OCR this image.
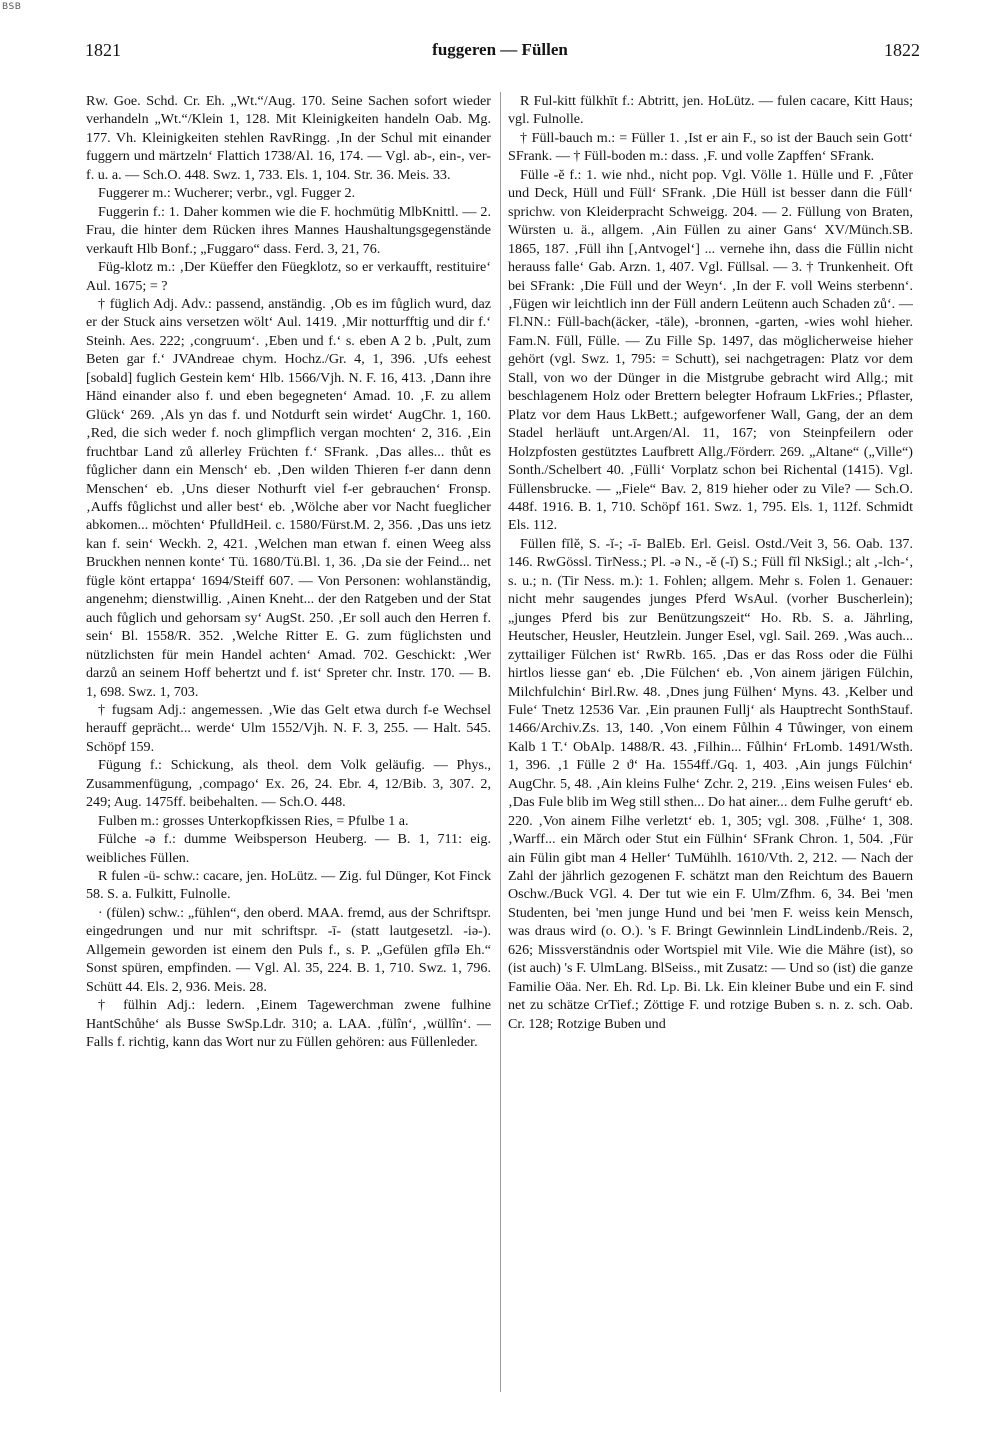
BSB
1821	fuggeren — Füllen	1822

Rw. Goe. Schd. Cr. Eh. „Wt.“/Aug. 170. Seine Sachen sofort wieder verhandeln „Wt.“/Klein 1, 128. Mit Kleinigkeiten handeln Oab. Mg. 177. Vh. Kleinigkeiten stehlen RavRingg. ‚In der Schul mit einander fuggern und märtzeln‘ Flattich 1738/Al. 16, 174. — Vgl. ab-, ein-, ver-f. u. a. — Sch.O. 448. Swz. 1, 733. Els. 1, 104. Str. 36. Meis. 33.

Fuggerer m.: Wucherer; verbr., vgl. Fugger 2.

Fuggerin f.: 1. Daher kommen wie die F. hochmütig MlbKnittl. — 2. Frau, die hinter dem Rücken ihres Mannes Haushaltungsgegenstände verkauft Hlb Bonf.; „Fuggaro“ dass. Ferd. 3, 21, 76.

Füg-klotz m.: ‚Der Küeffer den Füegklotz, so er verkaufft, restituire‘ Aul. 1675; = ?

† füglich Adj. Adv.: passend, anständig. ‚Ob es im fůglich wurd, daz er der Stuck ains versetzen wölt‘ Aul. 1419. ‚Mir notturfftig und dir f.‘ Steinh. Aes. 222; ‚congruum‘. ‚Eben und f.‘ s. eben A 2 b. ‚Pult, zum Beten gar f.‘ JVAndreae chym. Hochz./Gr. 4, 1, 396. ‚Ufs eehest [sobald] fuglich Gestein kem‘ Hlb. 1566/Vjh. N. F. 16, 413. ‚Dann ihre Händ einander also f. und eben begegneten‘ Amad. 10. ‚F. zu allem Glück‘ 269. ‚Als yn das f. und Notdurft sein wirdet‘ AugChr. 1, 160. ‚Red, die sich weder f. noch glimpflich vergan mochten‘ 2, 316. ‚Ein fruchtbar Land zů allerley Früchten f.‘ SFrank. ‚Das alles... thůt es fůglicher dann ein Mensch‘ eb. ‚Den wilden Thieren f-er dann denn Menschen‘ eb. ‚Uns dieser Nothurft viel f-er gebrauchen‘ Fronsp. ‚Auffs fůglichst und aller best‘ eb. ‚Wölche aber vor Nacht fueglicher abkomen... möchten‘ PfulldHeil. c. 1580/Fürst.M. 2, 356. ‚Das uns ietz kan f. sein‘ Weckh. 2, 421. ‚Welchen man etwan f. einen Weeg alss Bruckhen nennen konte‘ Tü. 1680/Tü.Bl. 1, 36. ‚Da sie der Feind... net fügle könt ertappa‘ 1694/Steiff 607. — Von Personen: wohlanständig, angenehm; dienstwillig. ‚Ainen Kneht... der den Ratgeben und der Stat auch fůglich und gehorsam sy‘ AugSt. 250. ‚Er soll auch den Herren f. sein‘ Bl. 1558/R. 352. ‚Welche Ritter E. G. zum füglichsten und nützlichsten für mein Handel achten‘ Amad. 702. Geschickt: ‚Wer darzů an seinem Hoff behertzt und f. ist‘ Spreter chr. Instr. 170. — B. 1, 698. Swz. 1, 703.

† fugsam Adj.: angemessen. ‚Wie das Gelt etwa durch f-e Wechsel herauff geprächt... werde‘ Ulm 1552/Vjh. N. F. 3, 255. — Halt. 545. Schöpf 159.

Fügung f.: Schickung, als theol. dem Volk geläufig. — Phys., Zusammenfügung, ‚compago‘ Ex. 26, 24. Ebr. 4, 12/Bib. 3, 307. 2, 249; Aug. 1475ff. beibehalten. — Sch.O. 448.

Fulben m.: grosses Unterkopfkissen Ries, = Pfulbe 1 a.

Fülche -ə f.: dumme Weibsperson Heuberg. — B. 1, 711: eig. weibliches Füllen.

R fulen -ü- schw.: cacare, jen. HoLütz. — Zig. ful Dünger, Kot Finck 58. S. a. Fulkitt, Fulnolle.

· (fülen) schw.: „fühlen“, den oberd. MAA. fremd, aus der Schriftspr. eingedrungen und nur mit schriftspr. -ī- (statt lautgesetzl. -iə-). Allgemein geworden ist einem den Puls f., s. P. „Gefülen gfīlə Eh.“ Sonst spüren, empfinden. — Vgl. Al. 35, 224. B. 1, 710. Swz. 1, 796. Schütt 44. Els. 2, 936. Meis. 28.

† fülhin Adj.: ledern. ‚Einem Tagewerchman zwene fulhine HantSchůhe‘ als Busse SwSp.Ldr. 310; a. LAA. ‚fülîn‘, ‚wüllîn‘. — Falls f. richtig, kann das Wort nur zu Füllen gehören: aus Füllenleder.

R Ful-kitt fülkhīt f.: Abtritt, jen. HoLütz. — fulen cacare, Kitt Haus; vgl. Fulnolle.

† Füll-bauch m.: = Füller 1. ‚Ist er ain F., so ist der Bauch sein Gott‘ SFrank. — † Füll-boden m.: dass. ‚F. und volle Zapffen‘ SFrank.

Fülle -ĕ f.: 1. wie nhd., nicht pop. Vgl. Völle 1. Hülle und F. ‚Fůter und Deck, Hüll und Füll‘ SFrank. ‚Die Hüll ist besser dann die Füll‘ sprichw. von Kleiderpracht Schweigg. 204. — 2. Füllung von Braten, Würsten u. ä., allgem. ‚Ain Füllen zu ainer Gans‘ XV/Münch.SB. 1865, 187. ‚Füll ihn [‚Antvogel‘] ... vernehe ihn, dass die Füllin nicht herauss falle‘ Gab. Arzn. 1, 407. Vgl. Füllsal. — 3. † Trunkenheit. Oft bei SFrank: ‚Die Füll und der Weyn‘. ‚In der F. voll Weins sterbenn‘. ‚Fügen wir leichtlich inn der Füll andern Leütenn auch Schaden zů‘. — Fl.NN.: Füll-bach(äcker, -täle), -bronnen, -garten, -wies wohl hieher. Fam.N. Füll, Fülle. — Zu Fille Sp. 1497, das möglicherweise hieher gehört (vgl. Swz. 1, 795: = Schutt), sei nachgetragen: Platz vor dem Stall, von wo der Dünger in die Mistgrube gebracht wird Allg.; mit beschlagenem Holz oder Brettern belegter Hofraum LkFries.; Pflaster, Platz vor dem Haus LkBett.; aufgeworfener Wall, Gang, der an dem Stadel herläuft unt.Argen/Al. 11, 167; von Steinpfeilern oder Holzpfosten gestütztes Laufbrett Allg./Förderr. 269. „Altane“ („Ville“) Sonth./Schelbert 40. ‚Fülli‘ Vorplatz schon bei Richental (1415). Vgl. Füllensbrucke. — „Fiele“ Bav. 2, 819 hieher oder zu Vile? — Sch.O. 448f. 1916. B. 1, 710. Schöpf 161. Swz. 1, 795. Els. 1, 112f. Schmidt Els. 112.

Füllen fīlĕ, S. -ĭ-; -ī- BalEb. Erl. Geisl. Ostd./Veit 3, 56. Oab. 137. 146. RwGössl. TirNess.; Pl. -ə N., -ĕ (-ĭ) S.; Füll fīl NkSigl.; alt ‚-lch-‘, s. u.; n. (Tir Ness. m.): 1. Fohlen; allgem. Mehr s. Folen 1. Genauer: nicht mehr saugendes junges Pferd WsAul. (vorher Buscherlein); „junges Pferd bis zur Benützungszeit“ Ho. Rb. S. a. Jährling, Heutscher, Heusler, Heutzlein. Junger Esel, vgl. Sail. 269. ‚Was auch... zyttailiger Fülchen ist‘ RwRb. 165. ‚Das er das Ross oder die Fülhi hirtlos liesse gan‘ eb. ‚Die Fülchen‘ eb. ‚Von ainem järigen Fülchin, Milchfulchin‘ Birl.Rw. 48. ‚Dnes jung Fülhen‘ Myns. 43. ‚Kelber und Fule‘ Tnetz 12536 Var. ‚Ein praunen Fullj‘ als Hauptrecht SonthStauf. 1466/Archiv.Zs. 13, 140. ‚Von einem Fůlhin 4 Tůwinger, von einem Kalb 1 T.‘ ObAlp. 1488/R. 43. ‚Filhin... Fůlhin‘ FrLomb. 1491/Wsth. 1, 396. ‚1 Fülle 2 ϑ‘ Ha. 1554ff./Gq. 1, 403. ‚Ain jungs Fülchin‘ AugChr. 5, 48. ‚Ain kleins Fulhe‘ Zchr. 2, 219. ‚Eins weisen Fules‘ eb. ‚Das Fule blib im Weg still sthen... Do hat ainer... dem Fulhe geruft‘ eb. 220. ‚Von ainem Filhe verletzt‘ eb. 1, 305; vgl. 308. ‚Fülhe‘ 1, 308. ‚Warff... ein Mărch oder Stut ein Fülhin‘ SFrank Chron. 1, 504. ‚Für ain Fülin gibt man 4 Heller‘ TuMühlh. 1610/Vth. 2, 212. — Nach der Zahl der jährlich gezogenen F. schätzt man den Reichtum des Bauern Oschw./Buck VGl. 4. Der tut wie ein F. Ulm/Zfhm. 6, 34. Bei 'men Studenten, bei 'men junge Hund und bei 'men F. weiss kein Mensch, was draus wird (o. O.). 's F. Bringt Gewinnlein LindLindenb./Reis. 2, 626; Missverständnis oder Wortspiel mit Vile. Wie die Mähre (ist), so (ist auch) 's F. UlmLang. BlSeiss., mit Zusatz: — Und so (ist) die ganze Familie Oäa. Ner. Eh. Rd. Lp. Bi. Lk. Ein kleiner Bube und ein F. sind net zu schätze CrTief.; Zöttige F. und rotzige Buben s. n. z. sch. Oab. Cr. 128; Rotzige Buben und
